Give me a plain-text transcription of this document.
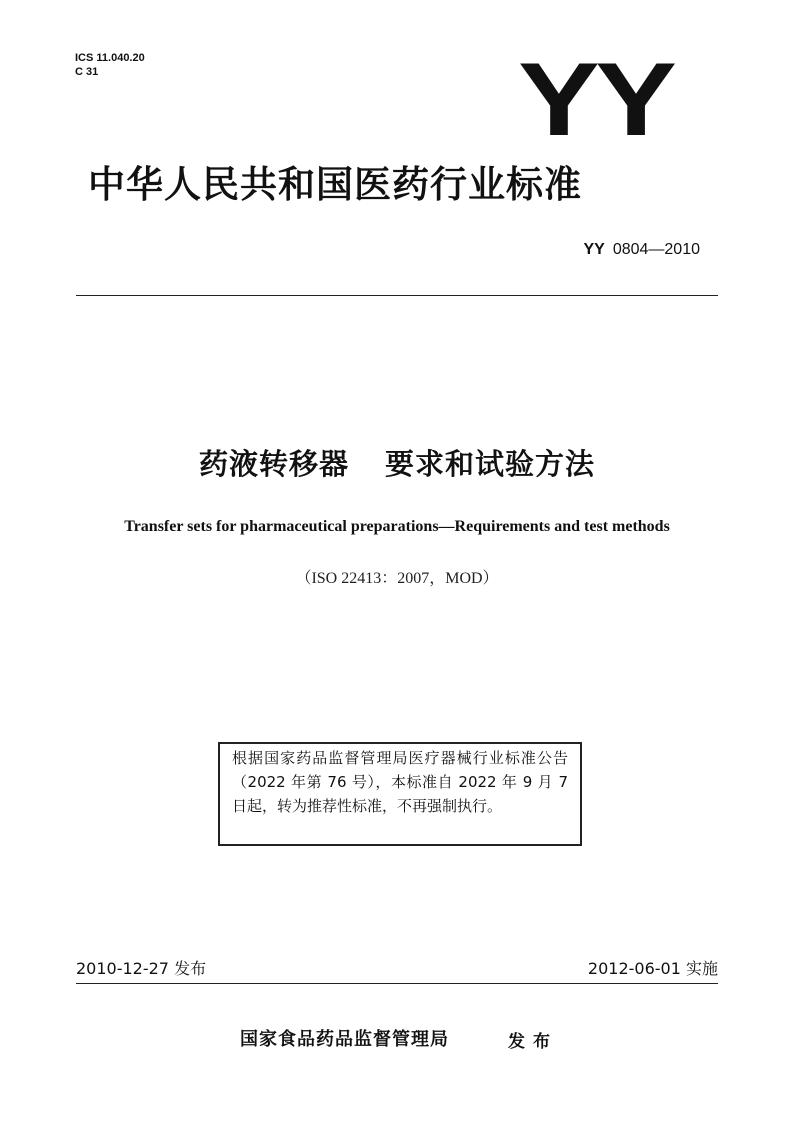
ICS 11.040.20
C 31	YY
中华人民共和国医药行业标准
YY 0804—2010
药液转移器 要求和试验方法
Transfer sets for pharmaceutical preparations—Requirements and test methods
（ISO 22413：2007，MOD）
根据国家药品监督管理局医疗器械行业标准公告（2022 年第 76 号），本标准自 2022 年 9 月 7 日起，转为推荐性标准，不再强制执行。
2010-12-27 发布	2012-06-01 实施
国家食品药品监督管理局	发布
